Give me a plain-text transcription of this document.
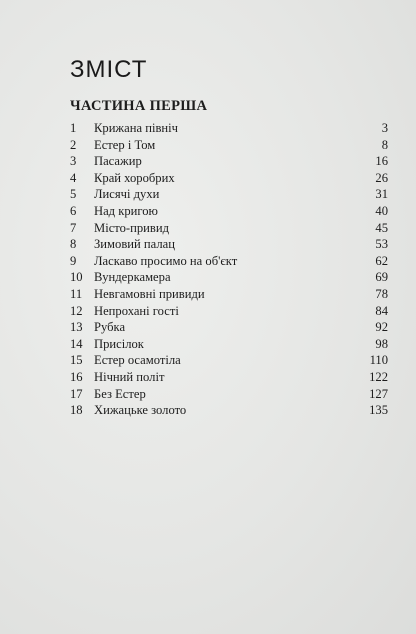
ЗМІСТ
ЧАСТИНА ПЕРША
1	Крижана північ	3
2	Естер і Том	8
3	Пасажир	16
4	Край хоробрих	26
5	Лисячі духи	31
6	Над кригою	40
7	Місто-привид	45
8	Зимовий палац	53
9	Ласкаво просимо на об'єкт	62
10 Вундеркамера	69
11 Невгамовні привиди	78
12 Непрохані гості	84
13 Рубка	92
14 Присілок	98
15 Естер осамотіла	110
16 Нічний політ	122
17 Без Естер	127
18 Хижацьке золото	135
